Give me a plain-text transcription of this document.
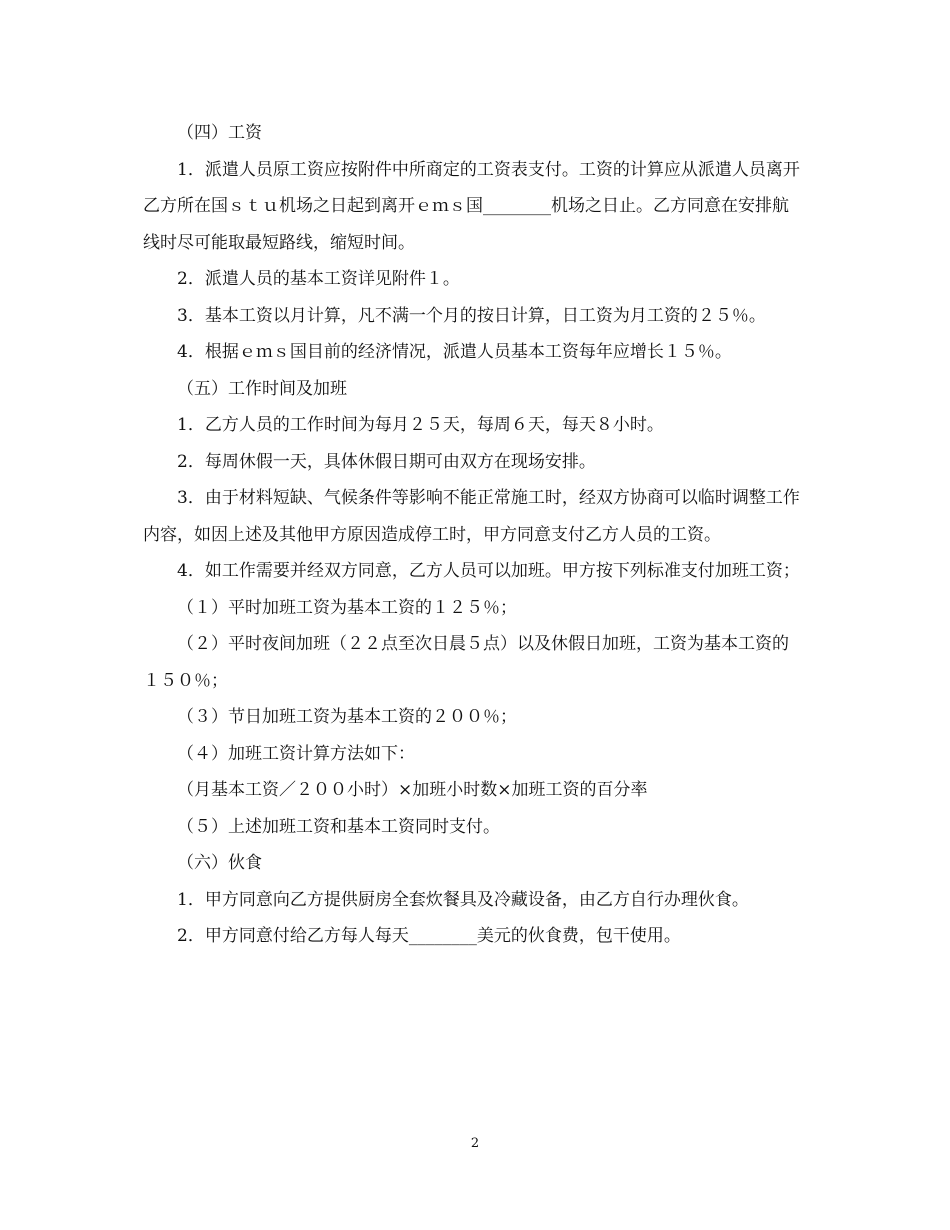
（四）工资

1．派遣人员原工资应按附件中所商定的工资表支付。工资的计算应从派遣人员离开乙方所在国ｓｔｕ机场之日起到离开ｅｍｓ国________机场之日止。乙方同意在安排航线时尽可能取最短路线，缩短时间。

2．派遣人员的基本工资详见附件１。

3．基本工资以月计算，凡不满一个月的按日计算，日工资为月工资的２５％。

4．根据ｅｍｓ国目前的经济情况，派遣人员基本工资每年应增长１５％。

（五）工作时间及加班

1．乙方人员的工作时间为每月２５天，每周６天，每天８小时。

2．每周休假一天，具体休假日期可由双方在现场安排。

3．由于材料短缺、气候条件等影响不能正常施工时，经双方协商可以临时调整工作内容，如因上述及其他甲方原因造成停工时，甲方同意支付乙方人员的工资。

4．如工作需要并经双方同意，乙方人员可以加班。甲方按下列标准支付加班工资；

（１）平时加班工资为基本工资的１２５％；

（２）平时夜间加班（２２点至次日晨５点）以及休假日加班，工资为基本工资的１５０％；

（３）节日加班工资为基本工资的２００％；

（４）加班工资计算方法如下：

（月基本工资／２００小时）×加班小时数×加班工资的百分率

（５）上述加班工资和基本工资同时支付。

（六）伙食

1．甲方同意向乙方提供厨房全套炊餐具及冷藏设备，由乙方自行办理伙食。

2．甲方同意付给乙方每人每天________美元的伙食费，包干使用。

2
